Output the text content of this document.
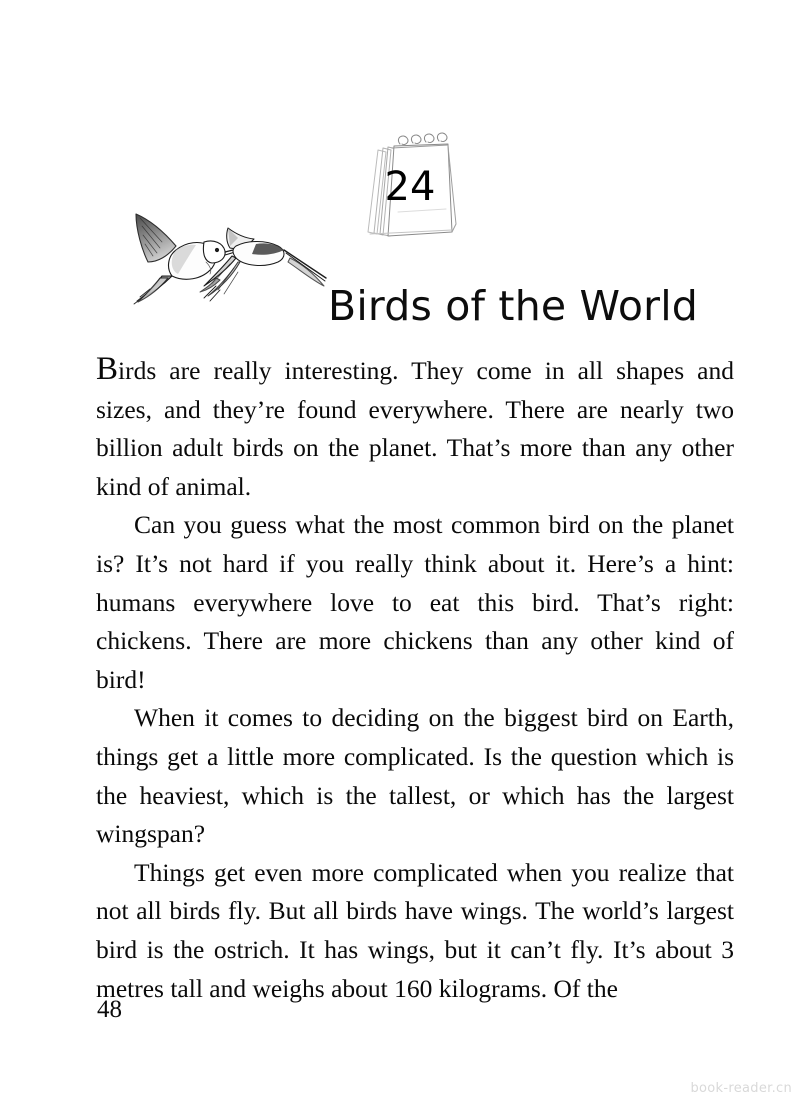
24
Birds of the World

Birds are really interesting. They come in all shapes and sizes, and they’re found everywhere. There are nearly two billion adult birds on the planet. That’s more than any other kind of animal.

Can you guess what the most common bird on the planet is? It’s not hard if you really think about it. Here’s a hint: humans everywhere love to eat this bird. That’s right: chickens. There are more chickens than any other kind of bird!

When it comes to deciding on the biggest bird on Earth, things get a little more complicated. Is the question which is the heaviest, which is the tallest, or which has the largest wingspan?

Things get even more complicated when you realize that not all birds fly. But all birds have wings. The world’s largest bird is the ostrich. It has wings, but it can’t fly. It’s about 3 metres tall and weighs about 160 kilograms. Of the

48
book-reader.cn
